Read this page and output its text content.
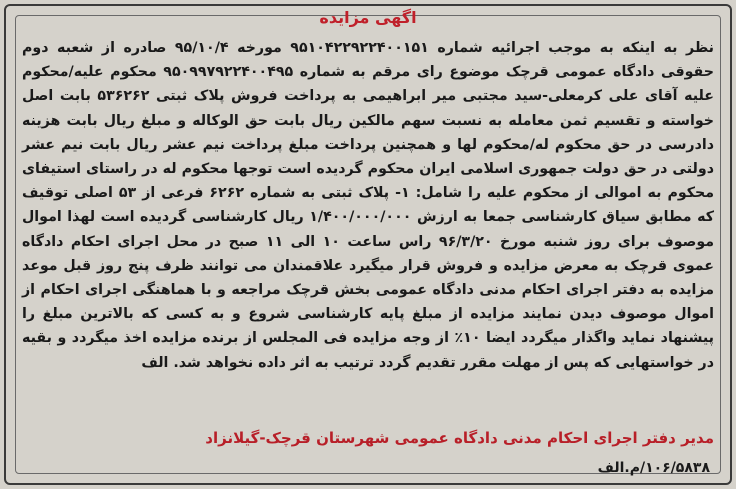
اگهی مزایده
نظر به اینکه به موجب اجرائیه شماره ۹۵۱۰۴۲۲۹۲۲۴۰۰۱۵۱ مورخه ۹۵/۱۰/۴ صادره از شعبه دوم حقوقی دادگاه عمومی قرچک موضوع رای مرقم به شماره ۹۵۰۹۹۷۹۲۲۴۰۰۴۹۵ محکوم علیه/محکوم علیه آقای علی کرمعلی-سید مجتبی میر ابراهیمی به پرداخت فروش پلاک ثبتی ۵۳۶۲۶۲ بابت اصل خواسته و تقسیم ثمن معامله به نسبت سهم مالکین ریال بابت حق الوکاله و مبلغ ریال بابت هزینه دادرسی در حق محکوم له/محکوم لها و همچنین پرداخت مبلغ پرداخت نیم عشر ریال بابت نیم عشر دولتی در حق دولت جمهوری اسلامی ایران محکوم گردیده است توجها محکوم له در راستای استیفای محکوم به اموالی از محکوم علیه را شامل: ۱- پلاک ثبتی به شماره ۶۲۶۲ فرعی از ۵۳ اصلی توقیف که مطابق سیاق کارشناسی جمعا به ارزش ۱/۴۰۰/۰۰۰/۰۰۰ ریال کارشناسی گردیده است لهذا اموال موصوف برای روز شنبه مورخ ۹۶/۳/۲۰ راس ساعت ۱۰ الی ۱۱ صبح در محل اجرای احکام دادگاه عموی قرچک به معرض مزایده و فروش قرار میگیرد علاقمندان می توانند ظرف پنج روز قبل موعد مزایده به دفتر اجرای احکام مدنی دادگاه عمومی بخش قرچک مراجعه و با هماهنگی اجرای احکام از اموال موصوف دیدن نمایند مزایده از مبلغ پایه کارشناسی شروع و به کسی که بالاترین مبلغ را پیشنهاد نماید واگذار میگردد ایضا ۱۰٪ از وجه مزایده فی المجلس از برنده مزایده اخذ میگردد و بقیه در خواستهایی که پس از مهلت مقرر تقدیم گردد ترتیب به اثر داده نخواهد شد. الف
مدیر دفتر اجرای احکام مدنی دادگاه عمومی شهرستان قرچک-گیلانزاد
۱۰۶/۵۸۳۸/م.الف
